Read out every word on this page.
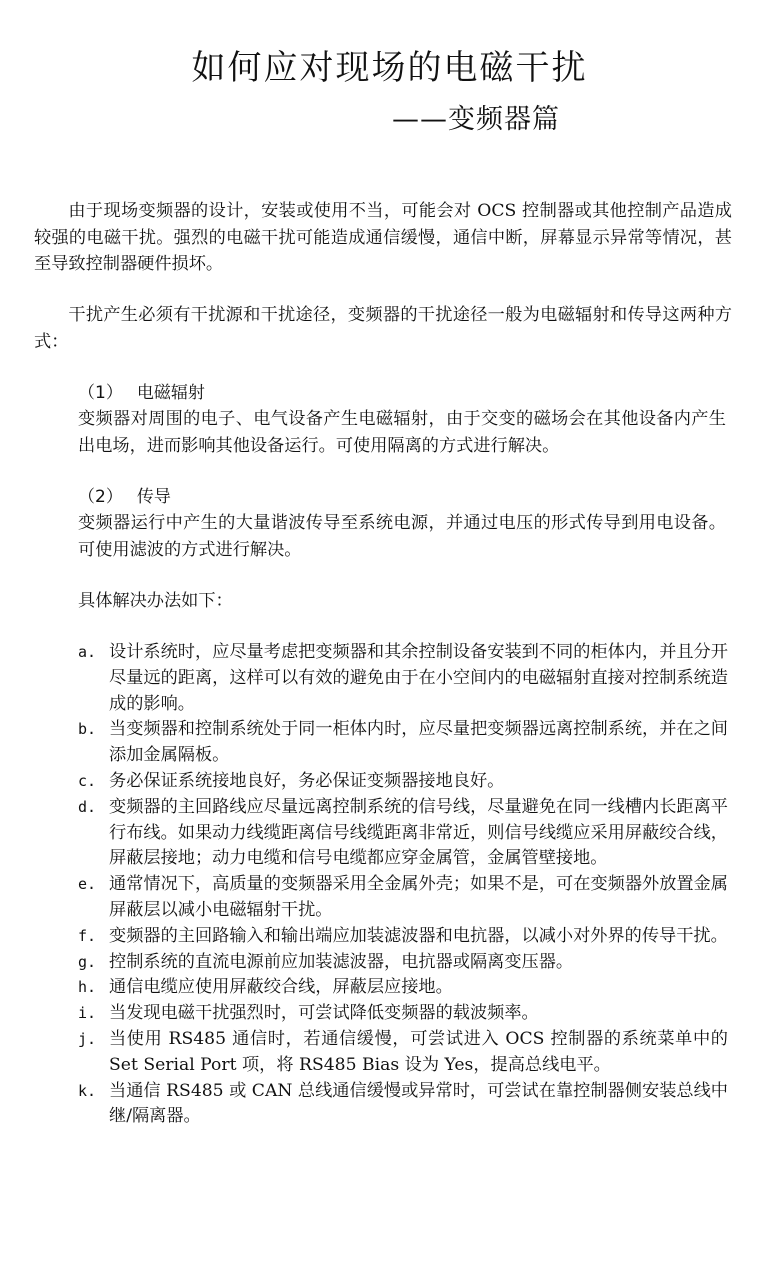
如何应对现场的电磁干扰
——变频器篇

由于现场变频器的设计，安装或使用不当，可能会对 OCS 控制器或其他控制产品造成较强的电磁干扰。强烈的电磁干扰可能造成通信缓慢，通信中断，屏幕显示异常等情况，甚至导致控制器硬件损坏。

干扰产生必须有干扰源和干扰途径，变频器的干扰途径一般为电磁辐射和传导这两种方式：

（1） 电磁辐射

变频器对周围的电子、电气设备产生电磁辐射，由于交变的磁场会在其他设备内产生出电场，进而影响其他设备运行。可使用隔离的方式进行解决。

（2） 传导

变频器运行中产生的大量谐波传导至系统电源，并通过电压的形式传导到用电设备。可使用滤波的方式进行解决。

具体解决办法如下：
a. 设计系统时，应尽量考虑把变频器和其余控制设备安装到不同的柜体内，并且分开尽量远的距离，这样可以有效的避免由于在小空间内的电磁辐射直接对控制系统造成的影响。
b. 当变频器和控制系统处于同一柜体内时，应尽量把变频器远离控制系统，并在之间添加金属隔板。
c. 务必保证系统接地良好，务必保证变频器接地良好。
d. 变频器的主回路线应尽量远离控制系统的信号线，尽量避免在同一线槽内长距离平行布线。如果动力线缆距离信号线缆距离非常近，则信号线缆应采用屏蔽绞合线，屏蔽层接地；动力电缆和信号电缆都应穿金属管，金属管壁接地。
e. 通常情况下，高质量的变频器采用全金属外壳；如果不是，可在变频器外放置金属屏蔽层以减小电磁辐射干扰。
f. 变频器的主回路输入和输出端应加装滤波器和电抗器，以减小对外界的传导干扰。
g. 控制系统的直流电源前应加装滤波器，电抗器或隔离变压器。
h. 通信电缆应使用屏蔽绞合线，屏蔽层应接地。
i. 当发现电磁干扰强烈时，可尝试降低变频器的载波频率。
j. 当使用 RS485 通信时，若通信缓慢，可尝试进入 OCS 控制器的系统菜单中的 Set Serial Port 项，将 RS485 Bias 设为 Yes，提高总线电平。
k. 当通信 RS485 或 CAN 总线通信缓慢或异常时，可尝试在靠控制器侧安装总线中继/隔离器。
